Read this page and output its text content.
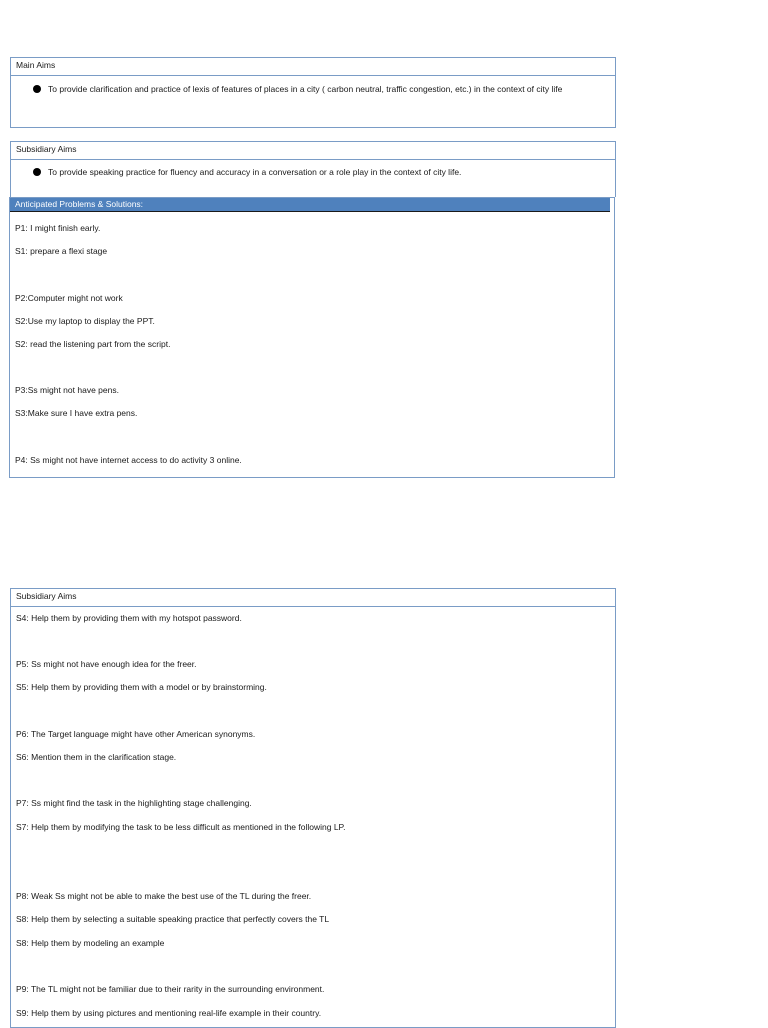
Main Aims
To provide clarification and practice of lexis of features of places in a city ( carbon neutral, traffic congestion, etc.) in the context of city life
Subsidiary Aims
To provide speaking practice for fluency and accuracy in a conversation or a role play in the context of city life.
Anticipated Problems & Solutions:
P1: I might finish early.
S1: prepare a flexi stage
P2:Computer might not work
S2:Use my laptop to display the PPT.
S2: read the listening part from the script.
P3:Ss might not have pens.
S3:Make sure I have extra pens.
P4: Ss might not have internet access to do activity 3 online.
Subsidiary Aims
S4: Help them by providing them with my hotspot password.
P5: Ss might not have enough idea for the freer.
S5: Help them by providing them with a model or by brainstorming.
P6: The Target language might have other American synonyms.
S6: Mention them in the clarification stage.
P7: Ss might find the task in the highlighting stage challenging.
S7: Help them by modifying the task to be less difficult as mentioned in the following LP.
P8: Weak Ss might not be able to make the best use of the TL during the freer.
S8: Help them by selecting a suitable speaking practice that perfectly covers the TL
S8: Help them by modeling an example
P9: The TL might not be familiar due to their rarity in the surrounding environment.
S9: Help them by using pictures and mentioning real-life example in their country.
